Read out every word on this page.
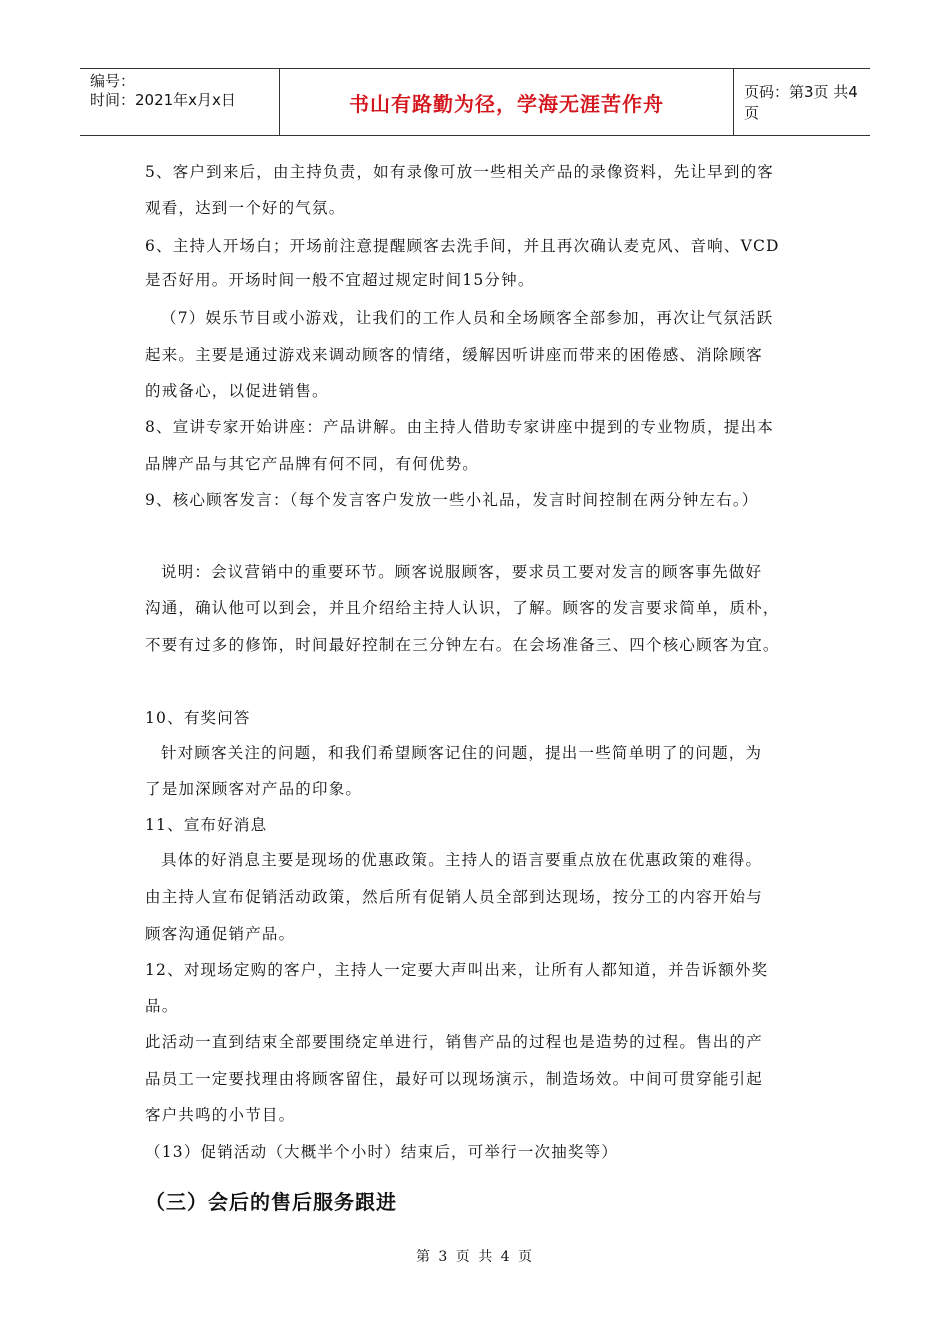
编号：
时间：2021年x月x日	书山有路勤为径，学海无涯苦作舟	页码：第3页 共4页
5、客户到来后，由主持负责，如有录像可放一些相关产品的录像资料，先让早到的客
观看，达到一个好的气氛。
6、主持人开场白；开场前注意提醒顾客去洗手间，并且再次确认麦克风、音响、VCD
是否好用。开场时间一般不宜超过规定时间15分钟。
（7）娱乐节目或小游戏，让我们的工作人员和全场顾客全部参加，再次让气氛活跃
起来。主要是通过游戏来调动顾客的情绪，缓解因听讲座而带来的困倦感、消除顾客
的戒备心，以促进销售。
8、宣讲专家开始讲座：产品讲解。由主持人借助专家讲座中提到的专业物质，提出本
品牌产品与其它产品牌有何不同，有何优势。
9、核心顾客发言：（每个发言客户发放一些小礼品，发言时间控制在两分钟左右。）
说明：会议营销中的重要环节。顾客说服顾客，要求员工要对发言的顾客事先做好
沟通，确认他可以到会，并且介绍给主持人认识，了解。顾客的发言要求简单，质朴，
不要有过多的修饰，时间最好控制在三分钟左右。在会场准备三、四个核心顾客为宜。
10、有奖问答
针对顾客关注的问题，和我们希望顾客记住的问题，提出一些简单明了的问题，为
了是加深顾客对产品的印象。
11、宣布好消息
具体的好消息主要是现场的优惠政策。主持人的语言要重点放在优惠政策的难得。
由主持人宣布促销活动政策，然后所有促销人员全部到达现场，按分工的内容开始与
顾客沟通促销产品。
12、对现场定购的客户，主持人一定要大声叫出来，让所有人都知道，并告诉额外奖
品。
此活动一直到结束全部要围绕定单进行，销售产品的过程也是造势的过程。售出的产
品员工一定要找理由将顾客留住，最好可以现场演示，制造场效。中间可贯穿能引起
客户共鸣的小节目。
（13）促销活动（大概半个小时）结束后，可举行一次抽奖等）
（三）会后的售后服务跟进
第 3 页 共 4 页
